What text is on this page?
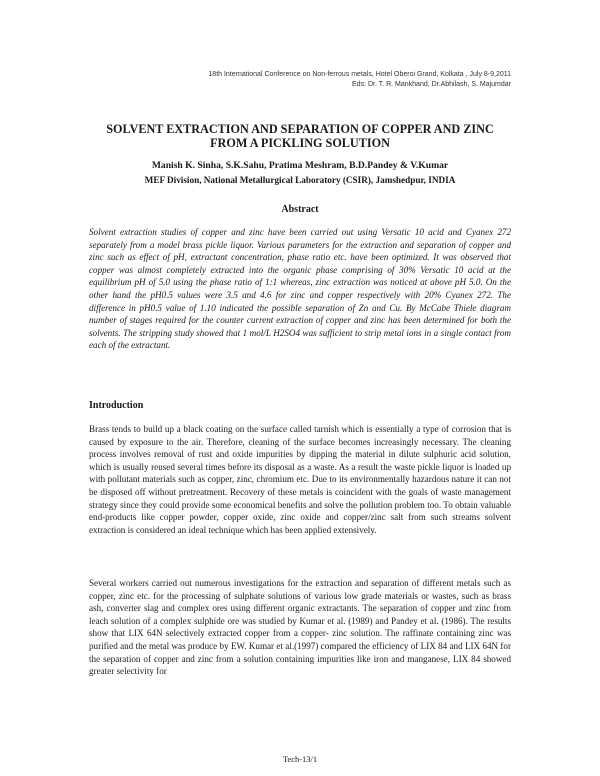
18th International Conference on Non-ferrous metals, Hotel Oberoi Grand, Kolkata , July 8-9,2011
Eds: Dr. T. R. Mankhand, Dr.Abhilash, S. Majumdar
SOLVENT EXTRACTION AND SEPARATION OF COPPER AND ZINC
FROM A PICKLING SOLUTION
Manish K. Sinha, S.K.Sahu, Pratima Meshram, B.D.Pandey & V.Kumar
MEF Division, National Metallurgical Laboratory (CSIR), Jamshedpur, INDIA
Abstract

Solvent extraction studies of copper and zinc have been carried out using Versatic 10 acid and Cyanex 272 separately from a model brass pickle liquor. Various parameters for the extraction and separation of copper and zinc such as effect of pH, extractant concentration, phase ratio etc. have been optimized. It was observed that copper was almost completely extracted into the organic phase comprising of 30% Versatic 10 acid at the equilibrium pH of 5.0 using the phase ratio of 1:1 whereas, zinc extraction was noticed at above pH 5.0. On the other hand the pH0.5 values were 3.5 and 4.6 for zinc and copper respectively with 20% Cyanex 272. The difference in pH0.5 value of 1.10 indicated the possible separation of Zn and Cu. By McCabe Thiele diagram number of stages required for the counter current extraction of copper and zinc has been determined for both the solvents. The stripping study showed that 1 mol/L H2SO4 was sufficient to strip metal ions in a single contact from each of the extractant.

Introduction

Brass tends to build up a black coating on the surface called tarnish which is essentially a type of corrosion that is caused by exposure to the air. Therefore, cleaning of the surface becomes increasingly necessary. The cleaning process involves removal of rust and oxide impurities by dipping the material in dilute sulphuric acid solution, which is usually reused several times before its disposal as a waste. As a result the waste pickle liquor is loaded up with pollutant materials such as copper, zinc, chromium etc. Due to its environmentally hazardous nature it can not be disposed off without pretreatment. Recovery of these metals is coincident with the goals of waste management strategy since they could provide some economical benefits and solve the pollution problem too. To obtain valuable end-products like copper powder, copper oxide, zinc oxide and copper/zinc salt from such streams solvent extraction is considered an ideal technique which has been applied extensively.

Several workers carried out numerous investigations for the extraction and separation of different metals such as copper, zinc etc. for the processing of sulphate solutions of various low grade materials or wastes, such as brass ash, converter slag and complex ores using different organic extractants. The separation of copper and zinc from leach solution of a complex sulphide ore was studied by Kumar et al. (1989) and Pandey et al. (1986). The results show that LIX 64N selectively extracted copper from a copper- zinc solution. The raffinate containing zinc was purified and the metal was produce by EW. Kumar et al.(1997) compared the efficiency of LIX 84 and LIX 64N for the separation of copper and zinc from a solution containing impurities like iron and manganese, LIX 84 showed greater selectivity for

Tech-13/1
